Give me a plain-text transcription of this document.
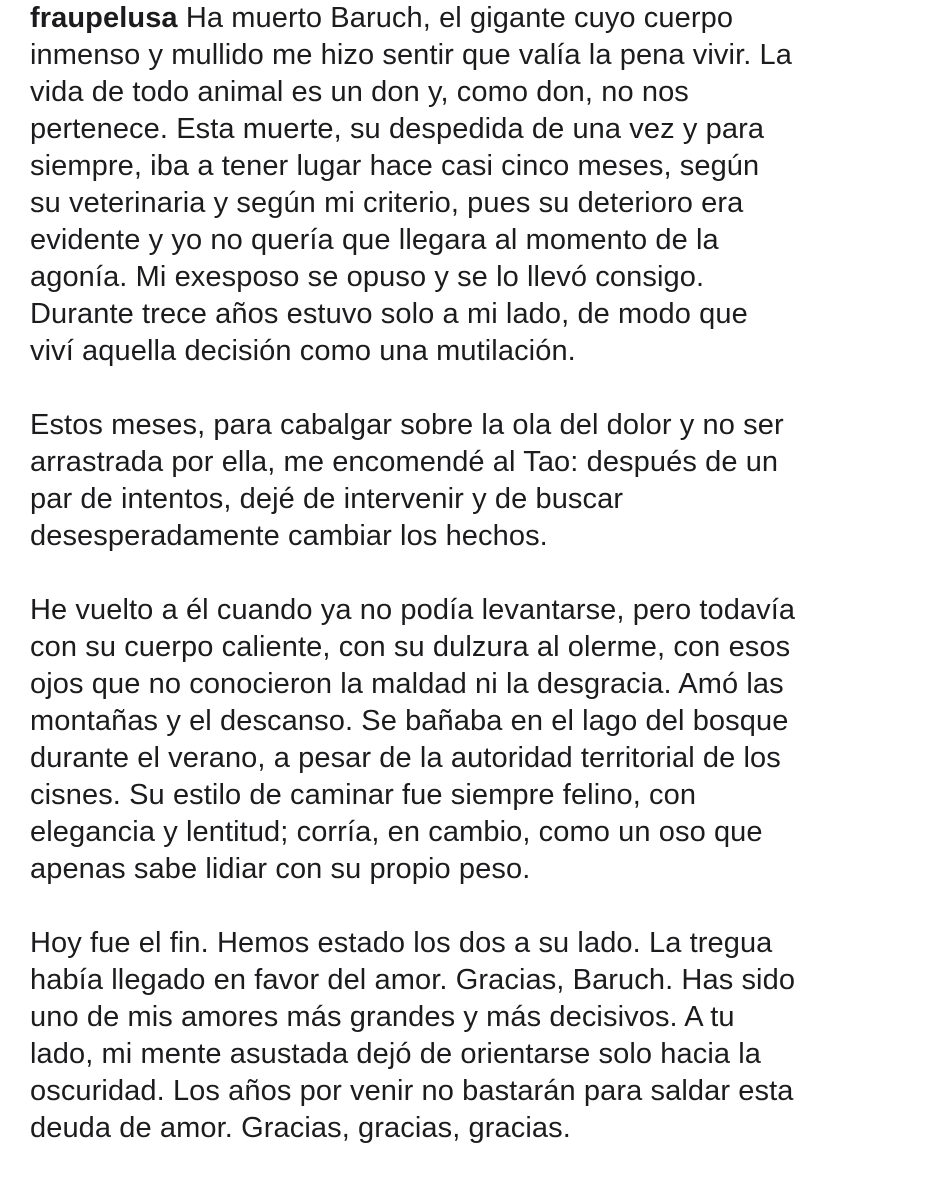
fraupelusa Ha muerto Baruch, el gigante cuyo cuerpo
inmenso y mullido me hizo sentir que valía la pena vivir. La
vida de todo animal es un don y, como don, no nos
pertenece. Esta muerte, su despedida de una vez y para
siempre, iba a tener lugar hace casi cinco meses, según
su veterinaria y según mi criterio, pues su deterioro era
evidente y yo no quería que llegara al momento de la
agonía. Mi exesposo se opuso y se lo llevó consigo.
Durante trece años estuvo solo a mi lado, de modo que
viví aquella decisión como una mutilación.

Estos meses, para cabalgar sobre la ola del dolor y no ser
arrastrada por ella, me encomendé al Tao: después de un
par de intentos, dejé de intervenir y de buscar
desesperadamente cambiar los hechos.

He vuelto a él cuando ya no podía levantarse, pero todavía
con su cuerpo caliente, con su dulzura al olerme, con esos
ojos que no conocieron la maldad ni la desgracia. Amó las
montañas y el descanso. Se bañaba en el lago del bosque
durante el verano, a pesar de la autoridad territorial de los
cisnes. Su estilo de caminar fue siempre felino, con
elegancia y lentitud; corría, en cambio, como un oso que
apenas sabe lidiar con su propio peso.

Hoy fue el fin. Hemos estado los dos a su lado. La tregua
había llegado en favor del amor. Gracias, Baruch. Has sido
uno de mis amores más grandes y más decisivos. A tu
lado, mi mente asustada dejó de orientarse solo hacia la
oscuridad. Los años por venir no bastarán para saldar esta
deuda de amor. Gracias, gracias, gracias.
